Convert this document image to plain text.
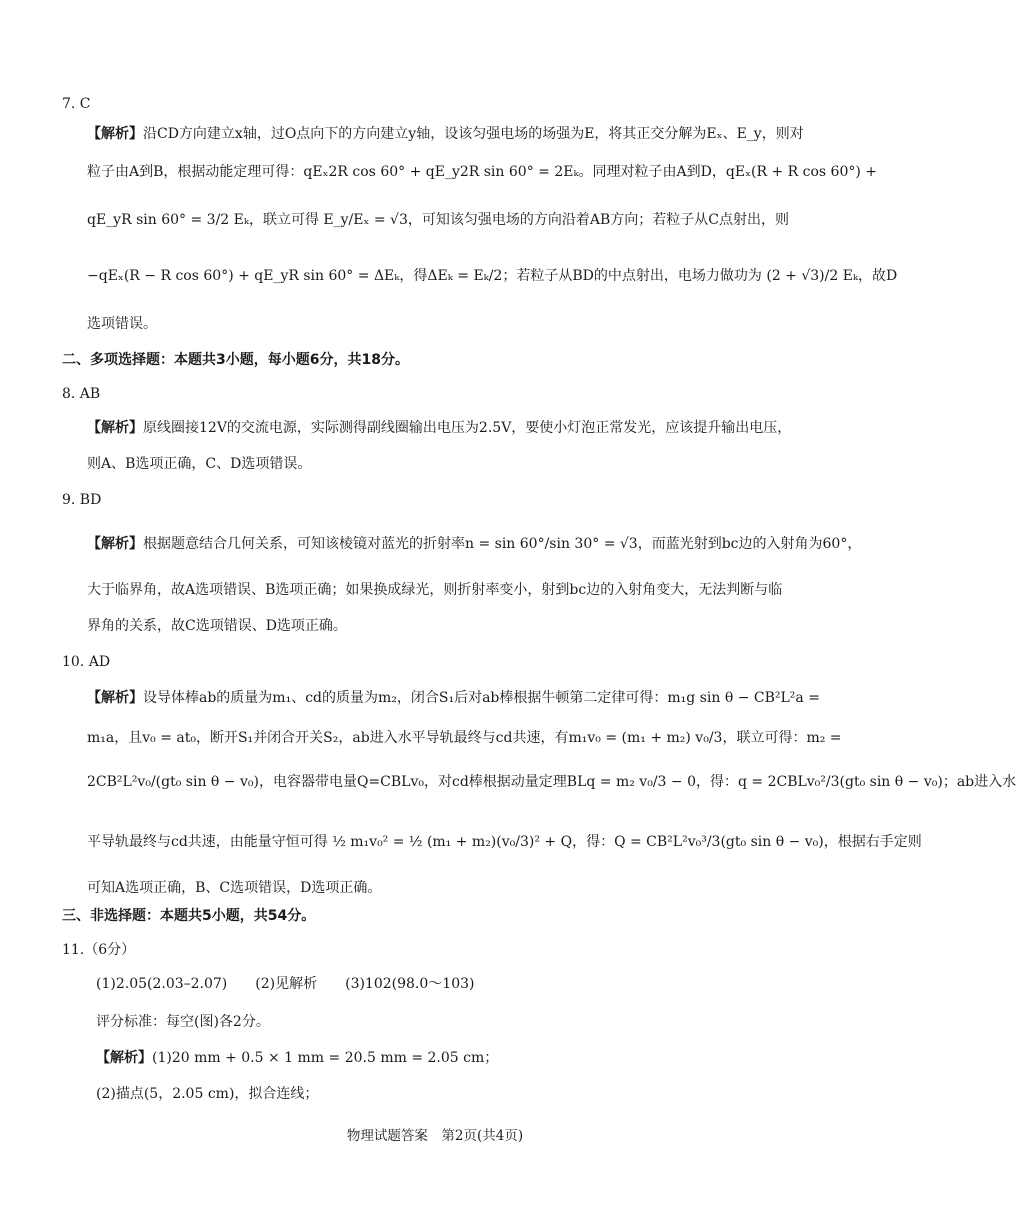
7. C
【解析】沿CD方向建立x轴，过O点向下的方向建立y轴，设该匀强电场的场强为E，将其正交分解为Eₓ、E_y，则对
粒子由A到B，根据动能定理可得：qEₓ2R cos 60° + qE_y2R sin 60° = 2Eₖ。同理对粒子由A到D，qEₓ(R + R cos 60°) +
qE_yR sin 60° = 3/2 Eₖ，联立可得 E_y/Eₓ = √3，可知该匀强电场的方向沿着AB方向；若粒子从C点射出，则
−qEₓ(R − R cos 60°) + qE_yR sin 60° = ΔEₖ，得ΔEₖ = Eₖ/2；若粒子从BD的中点射出，电场力做功为 (2 + √3)/2 Eₖ，故D
选项错误。
二、多项选择题：本题共3小题，每小题6分，共18分。
8. AB
【解析】原线圈接12V的交流电源，实际测得副线圈输出电压为2.5V，要使小灯泡正常发光，应该提升输出电压，
则A、B选项正确，C、D选项错误。
9. BD
【解析】根据题意结合几何关系，可知该棱镜对蓝光的折射率n = sin 60°/sin 30° = √3，而蓝光射到bc边的入射角为60°，
大于临界角，故A选项错误、B选项正确；如果换成绿光，则折射率变小，射到bc边的入射角变大，无法判断与临
界角的关系，故C选项错误、D选项正确。
10. AD
【解析】设导体棒ab的质量为m₁、cd的质量为m₂，闭合S₁后对ab棒根据牛顿第二定律可得：m₁g sin θ − CB²L²a =
m₁a，且v₀ = at₀，断开S₁并闭合开关S₂，ab进入水平导轨最终与cd共速，有m₁v₀ = (m₁ + m₂) v₀/3，联立可得：m₂ =
2CB²L²v₀/(gt₀ sin θ − v₀)，电容器带电量Q=CBLv₀，对cd棒根据动量定理BLq = m₂ v₀/3 − 0，得：q = 2CBLv₀²/3(gt₀ sin θ − v₀)；ab进入水
平导轨最终与cd共速，由能量守恒可得 ½ m₁v₀² = ½ (m₁ + m₂)(v₀/3)² + Q，得：Q = CB²L²v₀³/3(gt₀ sin θ − v₀)，根据右手定则
可知A选项正确，B、C选项错误，D选项正确。
三、非选择题：本题共5小题，共54分。
11.（6分）
(1)2.05(2.03–2.07)　　(2)见解析　　(3)102(98.0～103)
评分标准：每空(图)各2分。
【解析】(1)20 mm + 0.5 × 1 mm = 20.5 mm = 2.05 cm；
(2)描点(5，2.05 cm)，拟合连线；
物理试题答案　第2页(共4页)
